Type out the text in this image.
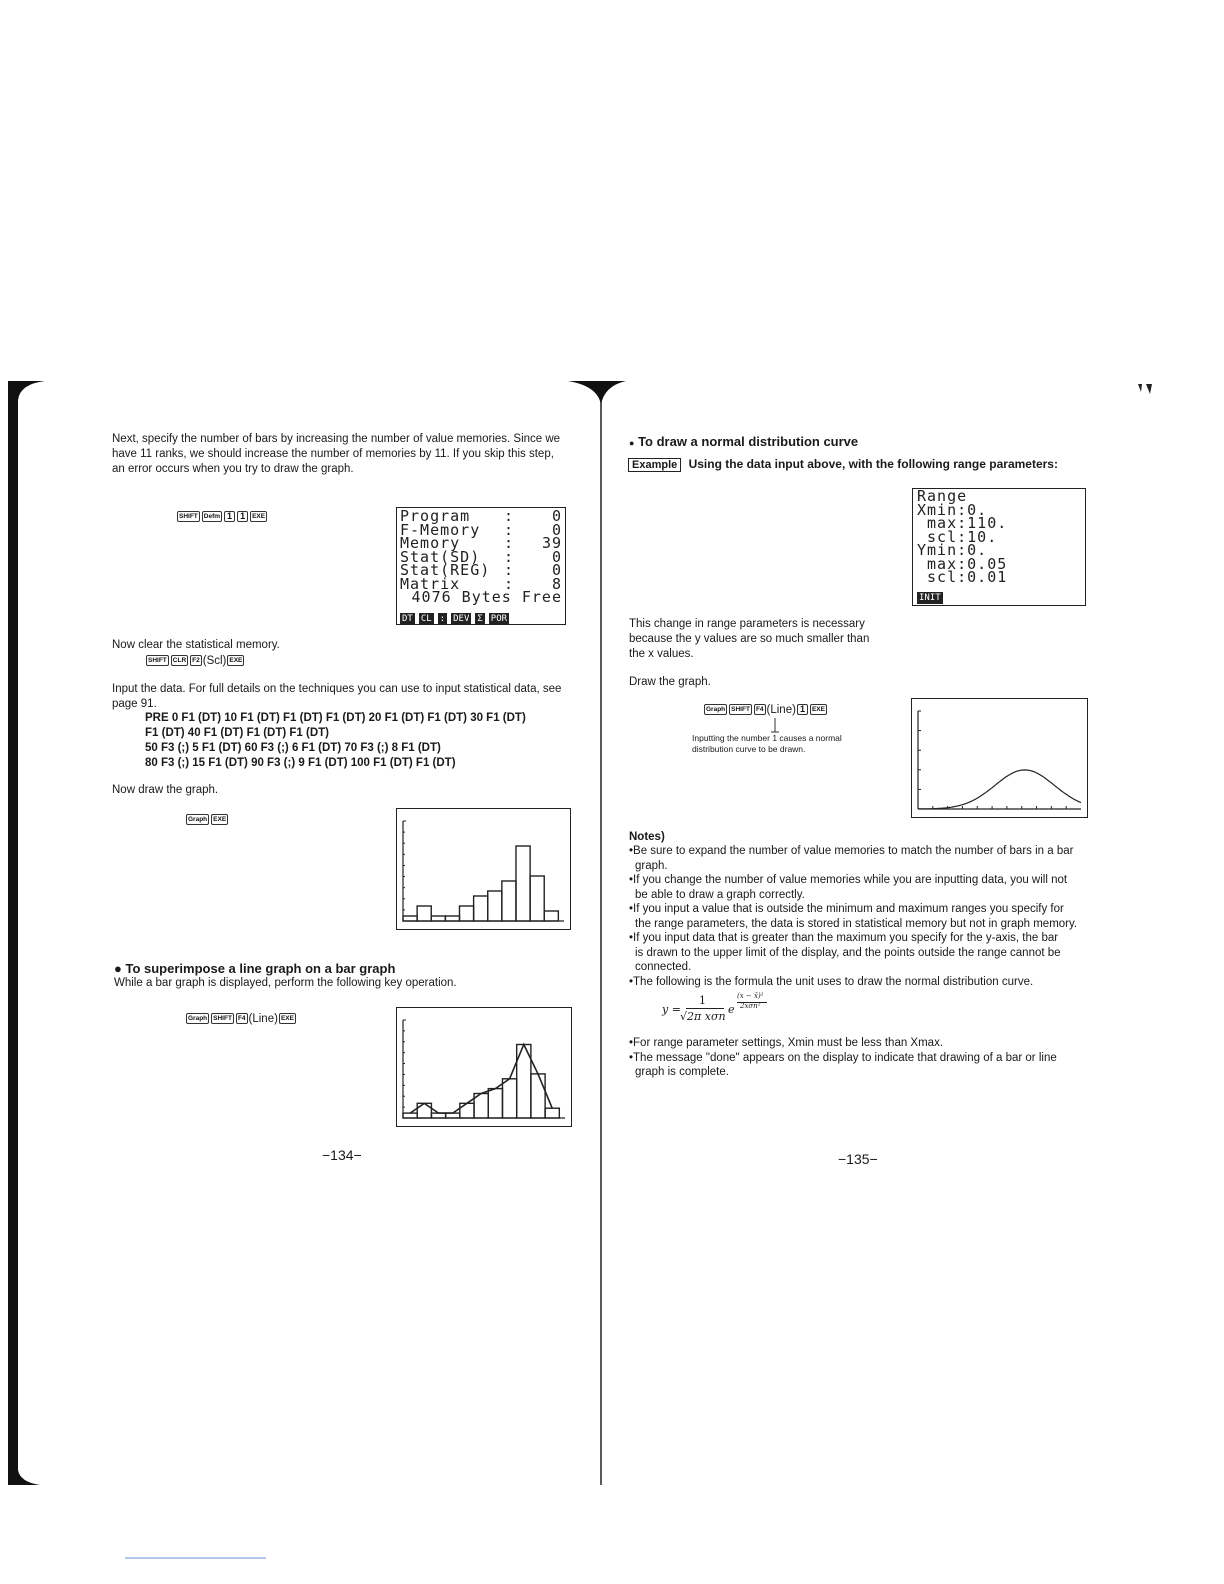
Next, specify the number of bars by increasing the number of value memories. Since we
have 11 ranks, we should increase the number of memories by 11. If you skip this step,
an error occurs when you try to draw the graph.
SHIFT Defm 1 1 EXE	Program :	0
F-Memory :	0
Memory	: 39
Stat(SD) :	0
Stat(REG) :	0
Matrix	:	8
4076 Bytes Free
DT CL : DEV Σ POR
Now clear the statistical memory.
SHIFT CLR F2 (Scl) EXE
Input the data. For full details on the techniques you can use to input statistical data, see
page 91.
PRE 0 F1 (DT) 10 F1 (DT) F1 (DT) F1 (DT) 20 F1 (DT) F1 (DT) 30 F1 (DT)
F1 (DT) 40 F1 (DT) F1 (DT) F1 (DT)
50 F3 (;) 5 F1 (DT) 60 F3 (;) 6 F1 (DT) 70 F3 (;) 8 F1 (DT)
80 F3 (;) 15 F1 (DT) 90 F3 (;) 9 F1 (DT) 100 F1 (DT) F1 (DT)
Now draw the graph.
Graph EXE
● To superimpose a line graph on a bar graph
While a bar graph is displayed, perform the following key operation.
Graph SHIFT F4 (Line) EXE
−134−
● To draw a normal distribution curve
Example Using the data input above, with the following range parameters:
Range
Xmin:0.
max:110.
scl:10.
Ymin:0.
max:0.05
scl:0.01
INIT
This change in range parameters is necessary
because the y values are so much smaller than
the x values.
Draw the graph.
Graph SHIFT F4 (Line) 1 EXE
Inputting the number 1 causes a normal
distribution curve to be drawn.
Notes)
•Be sure to expand the number of value memories to match the number of bars in a bar
graph.
•If you change the number of value memories while you are inputting data, you will not
be able to draw a graph correctly.
•If you input a value that is outside the minimum and maximum ranges you specify for
the range parameters, the data is stored in statistical memory but not in graph memory.
•If you input data that is greater than the maximum you specify for the y-axis, the bar
is drawn to the upper limit of the display, and the points outside the range cannot be
connected.
•The following is the formula the unit uses to draw the normal distribution curve.
y =
1
√2π xσn
e
(x − x̄)²
2xσn²
•For range parameter settings, Xmin must be less than Xmax.
•The message "done" appears on the display to indicate that drawing of a bar or line
graph is complete.
−135−
